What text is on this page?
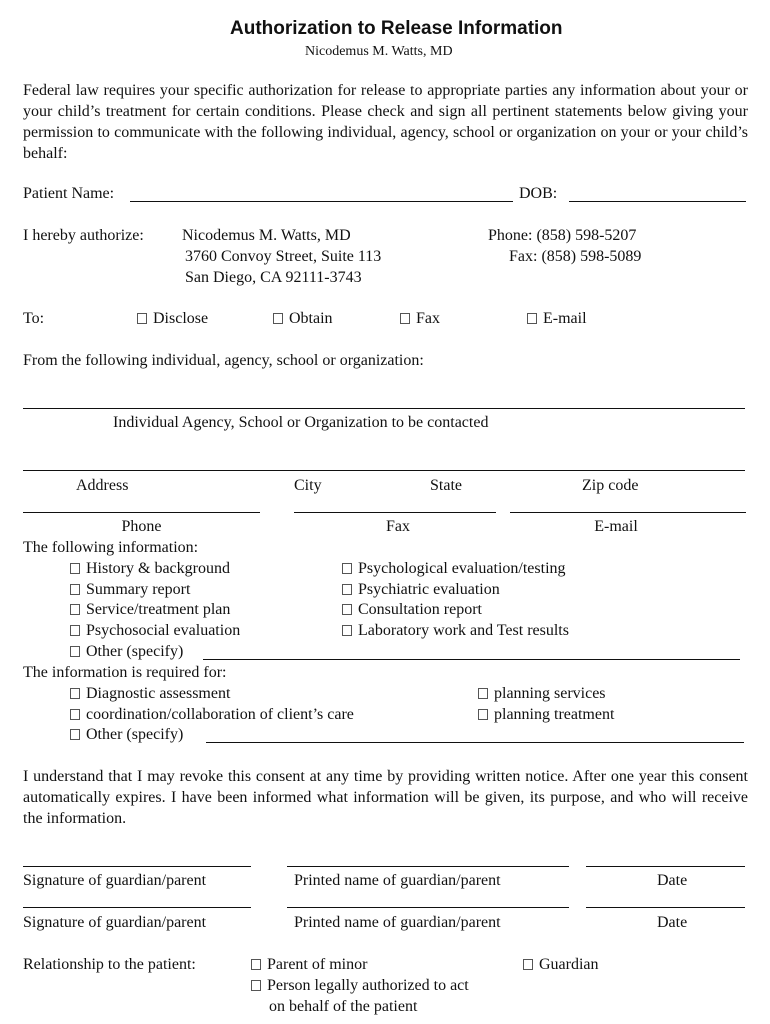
Authorization to Release Information
Nicodemus M. Watts, MD
Federal law requires your specific authorization for release to appropriate parties any information about your or your child’s treatment for certain conditions. Please check and sign all pertinent statements below giving your permission to communicate with the following individual, agency, school or organization on your or your child’s behalf:
Patient Name:	DOB:
I hereby authorize: Nicodemus M. Watts, MD
3760 Convoy Street, Suite 113
San Diego, CA 92111-3743
Phone: (858) 598-5207
Fax: (858) 598-5089
To:	Disclose	Obtain	Fax	E-mail
From the following individual, agency, school or organization:
Individual Agency, School or Organization to be contacted
Address	City	State	Zip code
Phone	Fax	E-mail
The following information:
History & background
Summary report
Service/treatment plan
Psychosocial evaluation
Other (specify)
Psychological evaluation/testing
Psychiatric evaluation
Consultation report
Laboratory work and Test results
The information is required for:
Diagnostic assessment
coordination/collaboration of client’s care
Other (specify)
planning services
planning treatment
I understand that I may revoke this consent at any time by providing written notice. After one year this consent automatically expires. I have been informed what information will be given, its purpose, and who will receive the information.
Signature of guardian/parent	Printed name of guardian/parent	Date
Signature of guardian/parent	Printed name of guardian/parent	Date
Relationship to the patient:	Parent of minor	Guardian
Person legally authorized to act
on behalf of the patient
